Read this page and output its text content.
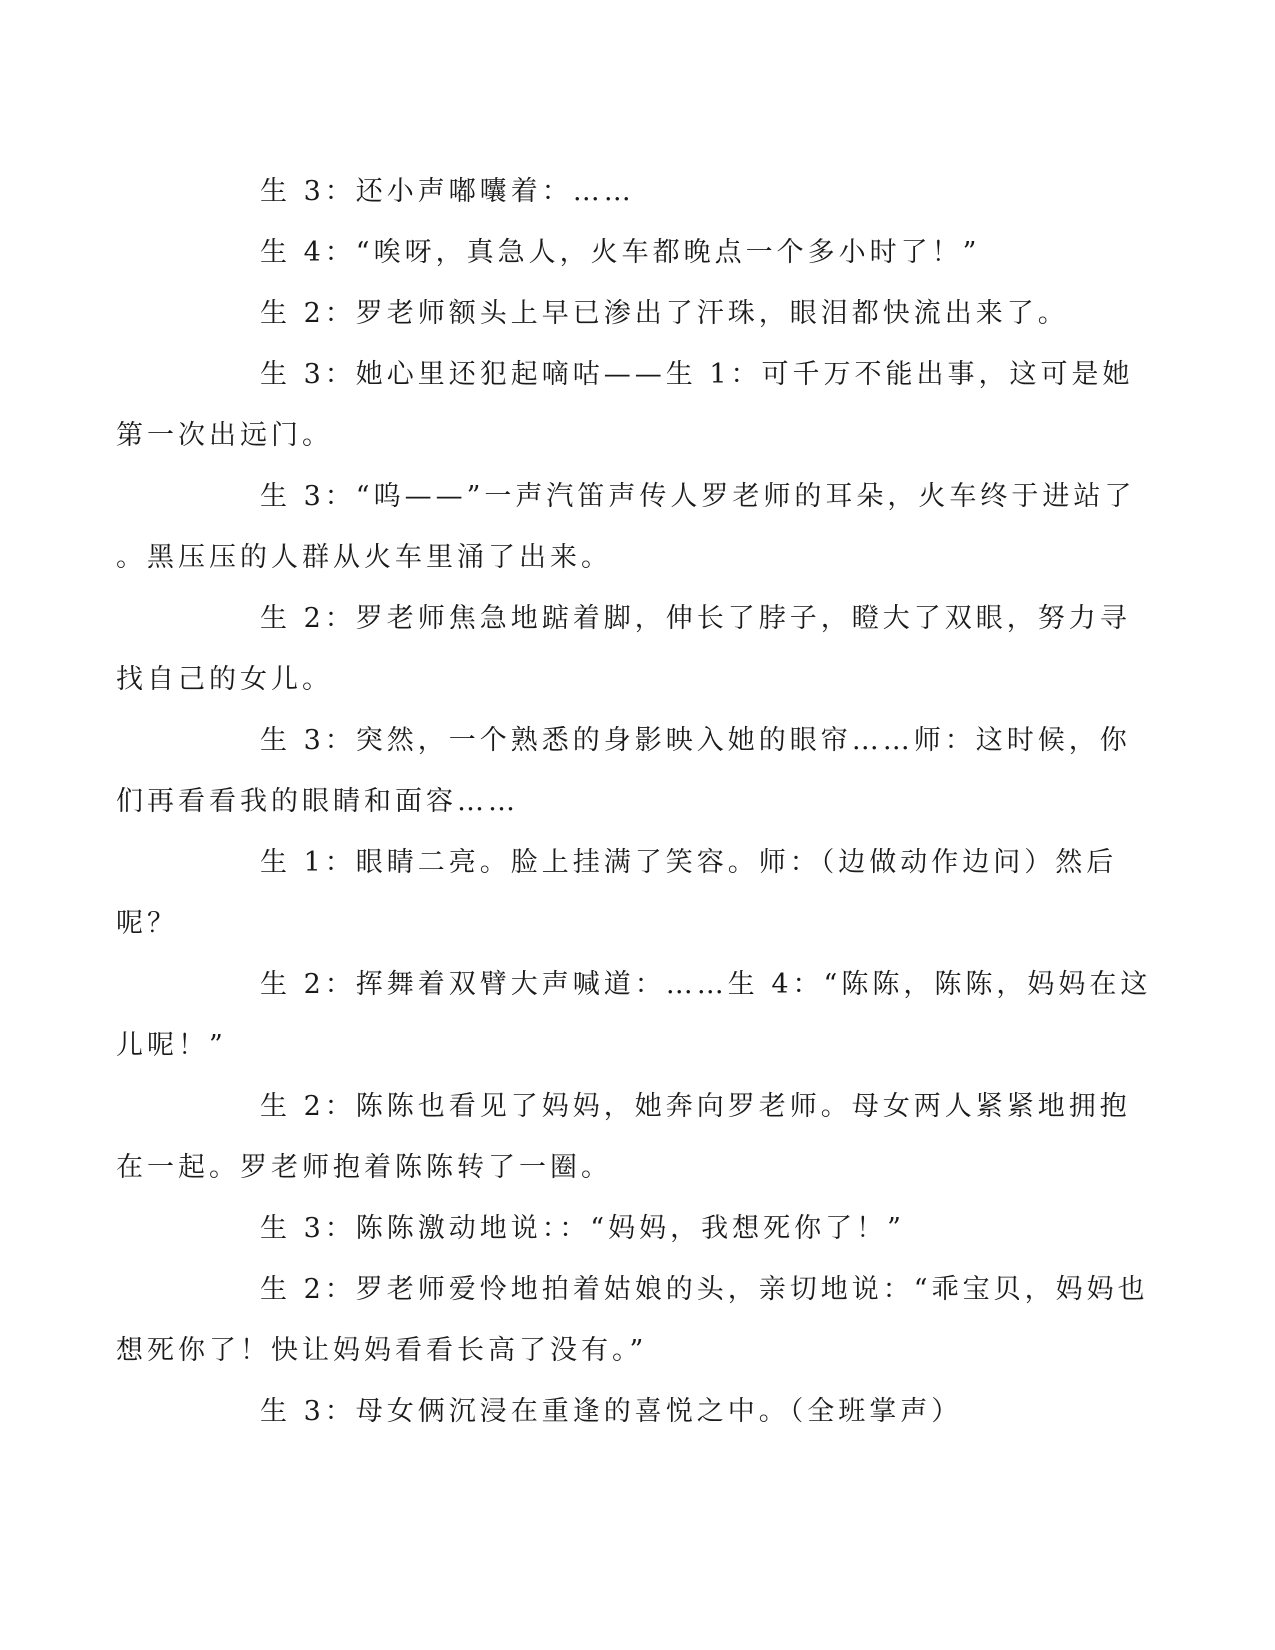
生 3：还小声嘟囔着：……

生 4：“唉呀，真急人，火车都晚点一个多小时了！”

生 2：罗老师额头上早已渗出了汗珠，眼泪都快流出来了。

生 3：她心里还犯起嘀咕——生 1：可千万不能出事，这可是她
第一次出远门。

生 3：“呜——”一声汽笛声传人罗老师的耳朵，火车终于进站了
。黑压压的人群从火车里涌了出来。

生 2：罗老师焦急地踮着脚，伸长了脖子，瞪大了双眼，努力寻
找自己的女儿。

生 3：突然，一个熟悉的身影映入她的眼帘……师：这时候，你
们再看看我的眼睛和面容……

生 1：眼睛二亮。脸上挂满了笑容。师：（边做动作边问）然后
呢？

生 2：挥舞着双臂大声喊道：……生 4：“陈陈，陈陈，妈妈在这
儿呢！”

生 2：陈陈也看见了妈妈，她奔向罗老师。母女两人紧紧地拥抱
在一起。罗老师抱着陈陈转了一圈。

生 3：陈陈激动地说：：“妈妈，我想死你了！”

生 2：罗老师爱怜地拍着姑娘的头，亲切地说：“乖宝贝，妈妈也
想死你了！快让妈妈看看长高了没有。”

生 3：母女俩沉浸在重逢的喜悦之中。（全班掌声）
